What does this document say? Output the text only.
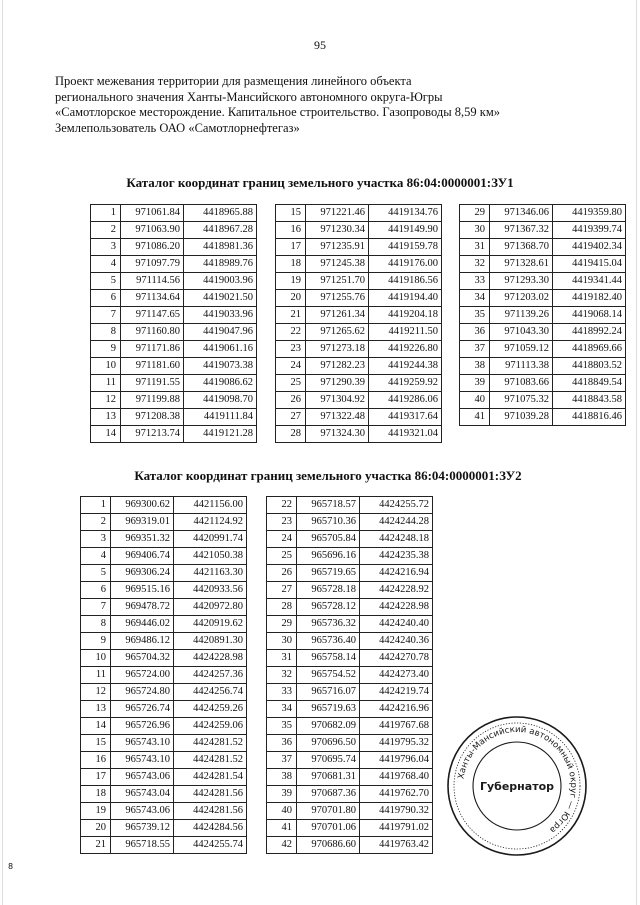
95
Проект межевания территории для размещения линейного объекта
регионального значения Ханты-Мансийского автономного округа-Югры
«Самотлорское месторождение. Капитальное строительство. Газопроводы 8,59 км»
Землепользователь ОАО «Самотлорнефтегаз»
Каталог координат границ земельного участка 86:04:0000001:ЗУ1
1	971061.84	4418965.88
2	971063.90	4418967.28
3	971086.20	4418981.36
4	971097.79	4418989.76
5	971114.56	4419003.96
6	971134.64	4419021.50
7	971147.65	4419033.96
8	971160.80	4419047.96
9	971171.86	4419061.16
10	971181.60	4419073.38
11	971191.55	4419086.62
12	971199.88	4419098.70
13	971208.38	4419111.84
14	971213.74	4419121.28
15	971221.46	4419134.76
16	971230.34	4419149.90
17	971235.91	4419159.78
18	971245.38	4419176.00
19	971251.70	4419186.56
20	971255.76	4419194.40
21	971261.34	4419204.18
22	971265.62	4419211.50
23	971273.18	4419226.80
24	971282.23	4419244.38
25	971290.39	4419259.92
26	971304.92	4419286.06
27	971322.48	4419317.64
28	971324.30	4419321.04
29	971346.06	4419359.80
30	971367.32	4419399.74
31	971368.70	4419402.34
32	971328.61	4419415.04
33	971293.30	4419341.44
34	971203.02	4419182.40
35	971139.26	4419068.14
36	971043.30	4418992.24
37	971059.12	4418969.66
38	971113.38	4418803.52
39	971083.66	4418849.54
40	971075.32	4418843.58
41	971039.28	4418816.46
Каталог координат границ земельного участка 86:04:0000001:ЗУ2
1	969300.62	4421156.00
2	969319.01	4421124.92
3	969351.32	4420991.74
4	969406.74	4421050.38
5	969306.24	4421163.30
6	969515.16	4420933.56
7	969478.72	4420972.80
8	969446.02	4420919.62
9	969486.12	4420891.30
10	965704.32	4424228.98
11	965724.00	4424257.36
12	965724.80	4424256.74
13	965726.74	4424259.26
14	965726.96	4424259.06
15	965743.10	4424281.52
16	965743.10	4424281.52
17	965743.06	4424281.54
18	965743.04	4424281.56
19	965743.06	4424281.56
20	965739.12	4424284.56
21	965718.55	4424255.74
22	965718.57	4424255.72
23	965710.36	4424244.28
24	965705.84	4424248.18
25	965696.16	4424235.38
26	965719.65	4424216.94
27	965728.18	4424228.92
28	965728.12	4424228.98
29	965736.32	4424240.40
30	965736.40	4424240.36
31	965758.14	4424270.78
32	965754.52	4424273.40
33	965716.07	4424219.74
34	965719.63	4424216.96
35	970682.09	4419767.68
36	970696.50	4419795.32
37	970695.74	4419796.04
38	970681.31	4419768.40
39	970687.36	4419762.70
40	970701.80	4419790.32
41	970701.06	4419791.02
42	970686.60	4419763.42
Ханты-Мансийский автономный округ — Югра
Губернатор
8
